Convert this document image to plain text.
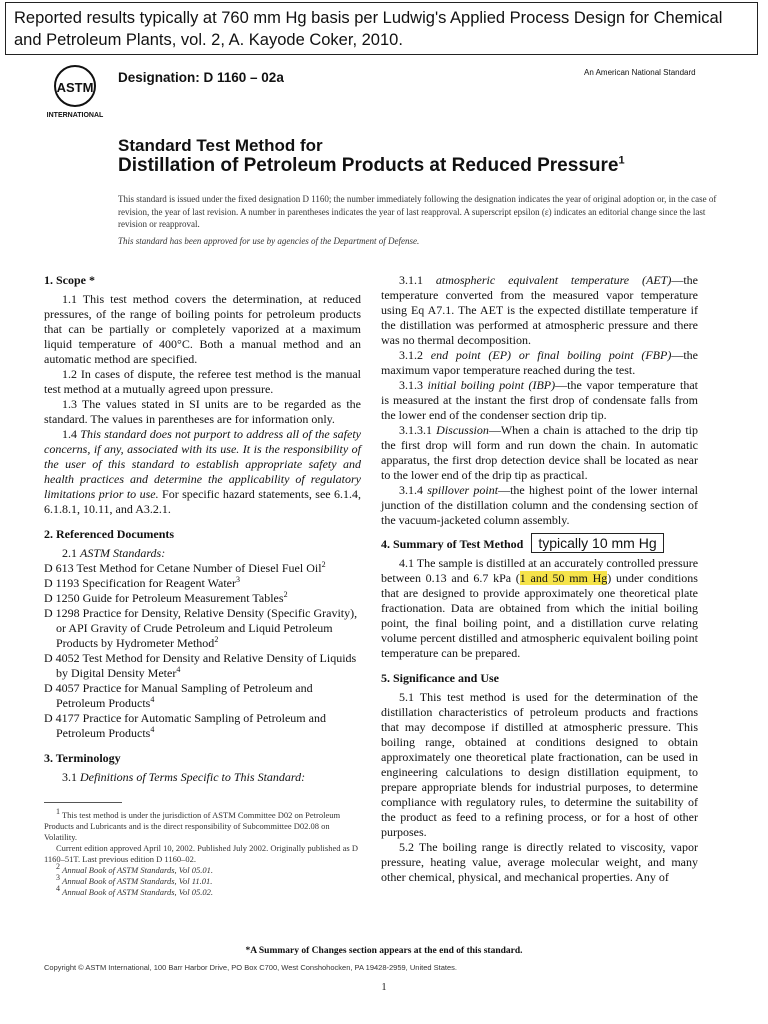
Reported results typically at 760 mm Hg basis per Ludwig's Applied Process Design for Chemical and Petroleum Plants, vol. 2, A. Kayode Coker, 2010.
ASTM
INTERNATIONAL
Designation: D 1160 – 02a	An American National Standard
Standard Test Method for
Distillation of Petroleum Products at Reduced Pressure$^1$
This standard is issued under the fixed designation D 1160; the number immediately following the designation indicates the year of original adoption or, in the case of revision, the year of last revision. A number in parentheses indicates the year of last reapproval. A superscript epsilon (ε) indicates an editorial change since the last revision or reapproval.
This standard has been approved for use by agencies of the Department of Defense.

1. Scope *

1.1 This test method covers the determination, at reduced pressures, of the range of boiling points for petroleum products that can be partially or completely vaporized at a maximum liquid temperature of 400°C. Both a manual method and an automatic method are specified.

1.2 In cases of dispute, the referee test method is the manual test method at a mutually agreed upon pressure.

1.3 The values stated in SI units are to be regarded as the standard. The values in parentheses are for information only.

1.4 This standard does not purport to address all of the safety concerns, if any, associated with its use. It is the responsibility of the user of this standard to establish appropriate safety and health practices and determine the applicability of regulatory limitations prior to use. For specific hazard statements, see 6.1.4, 6.1.8.1, 10.11, and A3.2.1.

2. Referenced Documents

2.1 ASTM Standards:

D 613 Test Method for Cetane Number of Diesel Fuel Oil$^2$

D 1193 Specification for Reagent Water$^3$

D 1250 Guide for Petroleum Measurement Tables$^2$

D 1298 Practice for Density, Relative Density (Specific Gravity), or API Gravity of Crude Petroleum and Liquid Petroleum Products by Hydrometer Method$^2$

D 4052 Test Method for Density and Relative Density of Liquids by Digital Density Meter$^4$

D 4057 Practice for Manual Sampling of Petroleum and Petroleum Products$^4$

D 4177 Practice for Automatic Sampling of Petroleum and Petroleum Products$^4$

3. Terminology

3.1 Definitions of Terms Specific to This Standard:

3.1.1 atmospheric equivalent temperature (AET)—the temperature converted from the measured vapor temperature using Eq A7.1. The AET is the expected distillate temperature if the distillation was performed at atmospheric pressure and there was no thermal decomposition.

3.1.2 end point (EP) or final boiling point (FBP)—the maximum vapor temperature reached during the test.

3.1.3 initial boiling point (IBP)—the vapor temperature that is measured at the instant the first drop of condensate falls from the lower end of the condenser section drip tip.

3.1.3.1 Discussion—When a chain is attached to the drip tip the first drop will form and run down the chain. In automatic apparatus, the first drop detection device shall be located as near to the lower end of the drip tip as practical.

3.1.4 spillover point—the highest point of the lower internal junction of the distillation column and the condensing section of the vacuum-jacketed column assembly.

4. Summary of Test Method typically 10 mm Hg

4.1 The sample is distilled at an accurately controlled pressure between 0.13 and 6.7 kPa (1 and 50 mm Hg) under conditions that are designed to provide approximately one theoretical plate fractionation. Data are obtained from which the initial boiling point, the final boiling point, and a distillation curve relating volume percent distilled and atmospheric equivalent boiling point temperature can be prepared.

5. Significance and Use

5.1 This test method is used for the determination of the distillation characteristics of petroleum products and fractions that may decompose if distilled at atmospheric pressure. This boiling range, obtained at conditions designed to obtain approximately one theoretical plate fractionation, can be used in engineering calculations to design distillation equipment, to prepare appropriate blends for industrial purposes, to determine compliance with regulatory rules, to determine the suitability of the product as feed to a refining process, or for a host of other purposes.

5.2 The boiling range is directly related to viscosity, vapor pressure, heating value, average molecular weight, and many other chemical, physical, and mechanical properties. Any of

$^1$ This test method is under the jurisdiction of ASTM Committee D02 on Petroleum Products and Lubricants and is the direct responsibility of Subcommittee D02.08 on Volatility.

Current edition approved April 10, 2002. Published July 2002. Originally published as D 1160–51T. Last previous edition D 1160–02.

$^2$ Annual Book of ASTM Standards, Vol 05.01.

$^3$ Annual Book of ASTM Standards, Vol 11.01.

$^4$ Annual Book of ASTM Standards, Vol 05.02.

*A Summary of Changes section appears at the end of this standard.
Copyright © ASTM International, 100 Barr Harbor Drive, PO Box C700, West Conshohocken, PA 19428-2959, United States.
1
